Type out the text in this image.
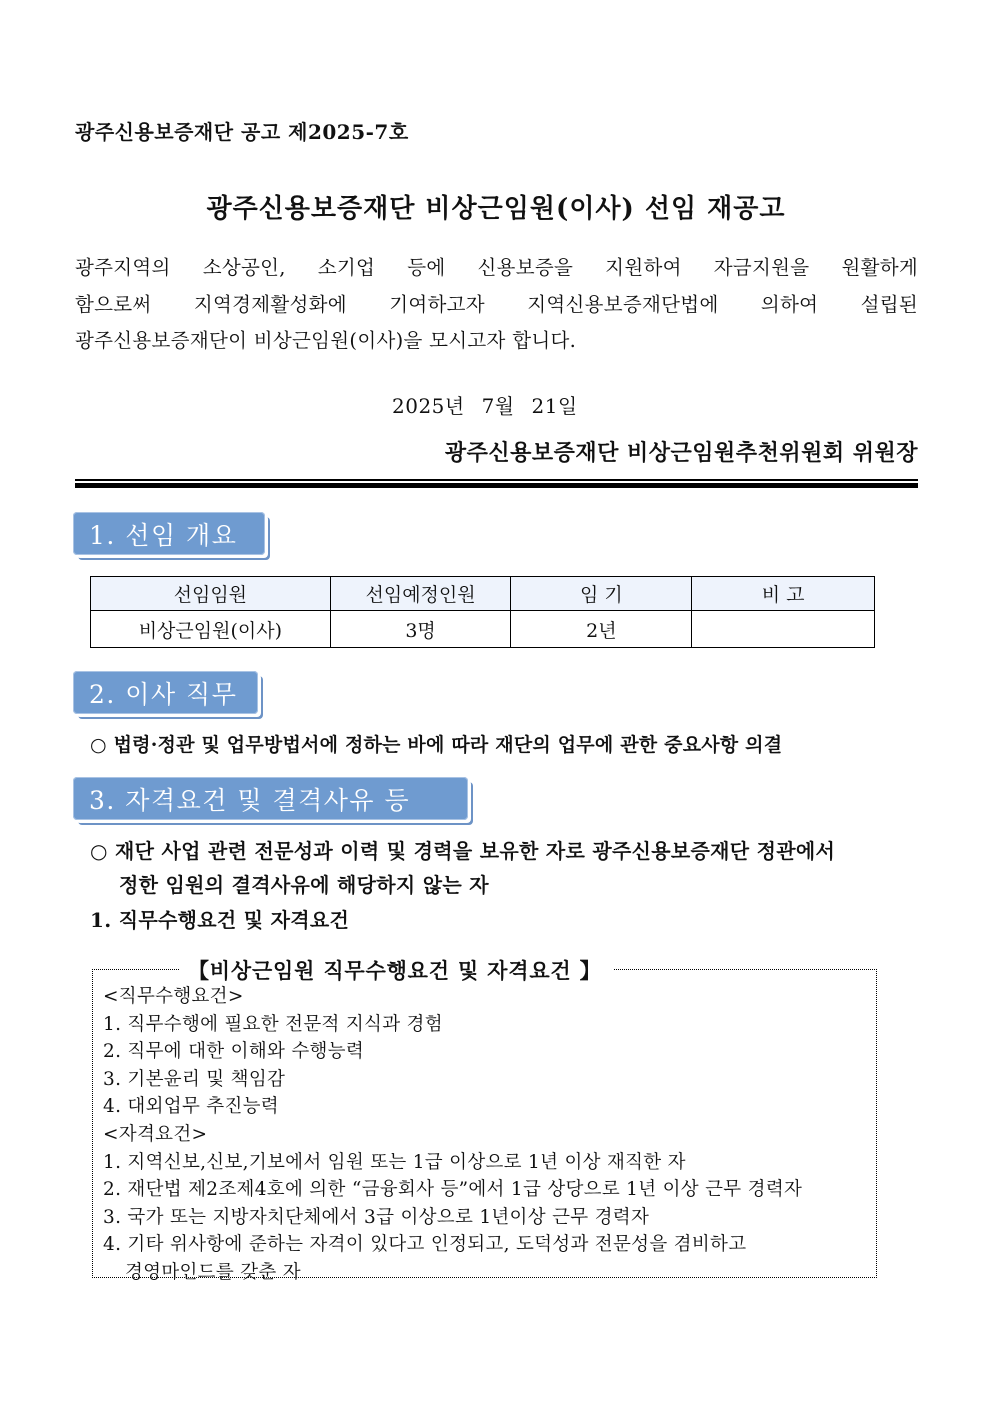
광주신용보증재단 공고 제2025-7호
광주신용보증재단 비상근임원(이사) 선임 재공고
광주지역의 소상공인, 소기업 등에 신용보증을 지원하여 자금지원을 원활하게
함으로써 지역경제활성화에 기여하고자 지역신용보증재단법에 의하여 설립된
광주신용보증재단이 비상근임원(이사)을 모시고자 합니다.
2025년 7월 21일
광주신용보증재단 비상근임원추천위원회 위원장
1. 선임 개요
선임임원	선임예정인원	임 기	비 고
비상근임원(이사)	3명	2년	
2. 이사 직무
○ 법령·정관 및 업무방법서에 정하는 바에 따라 재단의 업무에 관한 중요사항 의결
3. 자격요건 및 결격사유 등
○ 재단 사업 관련 전문성과 이력 및 경력을 보유한 자로 광주신용보증재단 정관에서
정한 임원의 결격사유에 해당하지 않는 자
1. 직무수행요건 및 자격요건
【비상근임원 직무수행요건 및 자격요건 】
<직무수행요건>
1. 직무수행에 필요한 전문적 지식과 경험
2. 직무에 대한 이해와 수행능력
3. 기본윤리 및 책임감
4. 대외업무 추진능력
<자격요건>
1. 지역신보,신보,기보에서 임원 또는 1급 이상으로 1년 이상 재직한 자
2. 재단법 제2조제4호에 의한 “금융회사 등”에서 1급 상당으로 1년 이상 근무 경력자
3. 국가 또는 지방자치단체에서 3급 이상으로 1년이상 근무 경력자
4. 기타 위사항에 준하는 자격이 있다고 인정되고, 도덕성과 전문성을 겸비하고
경영마인드를 갖춘 자
